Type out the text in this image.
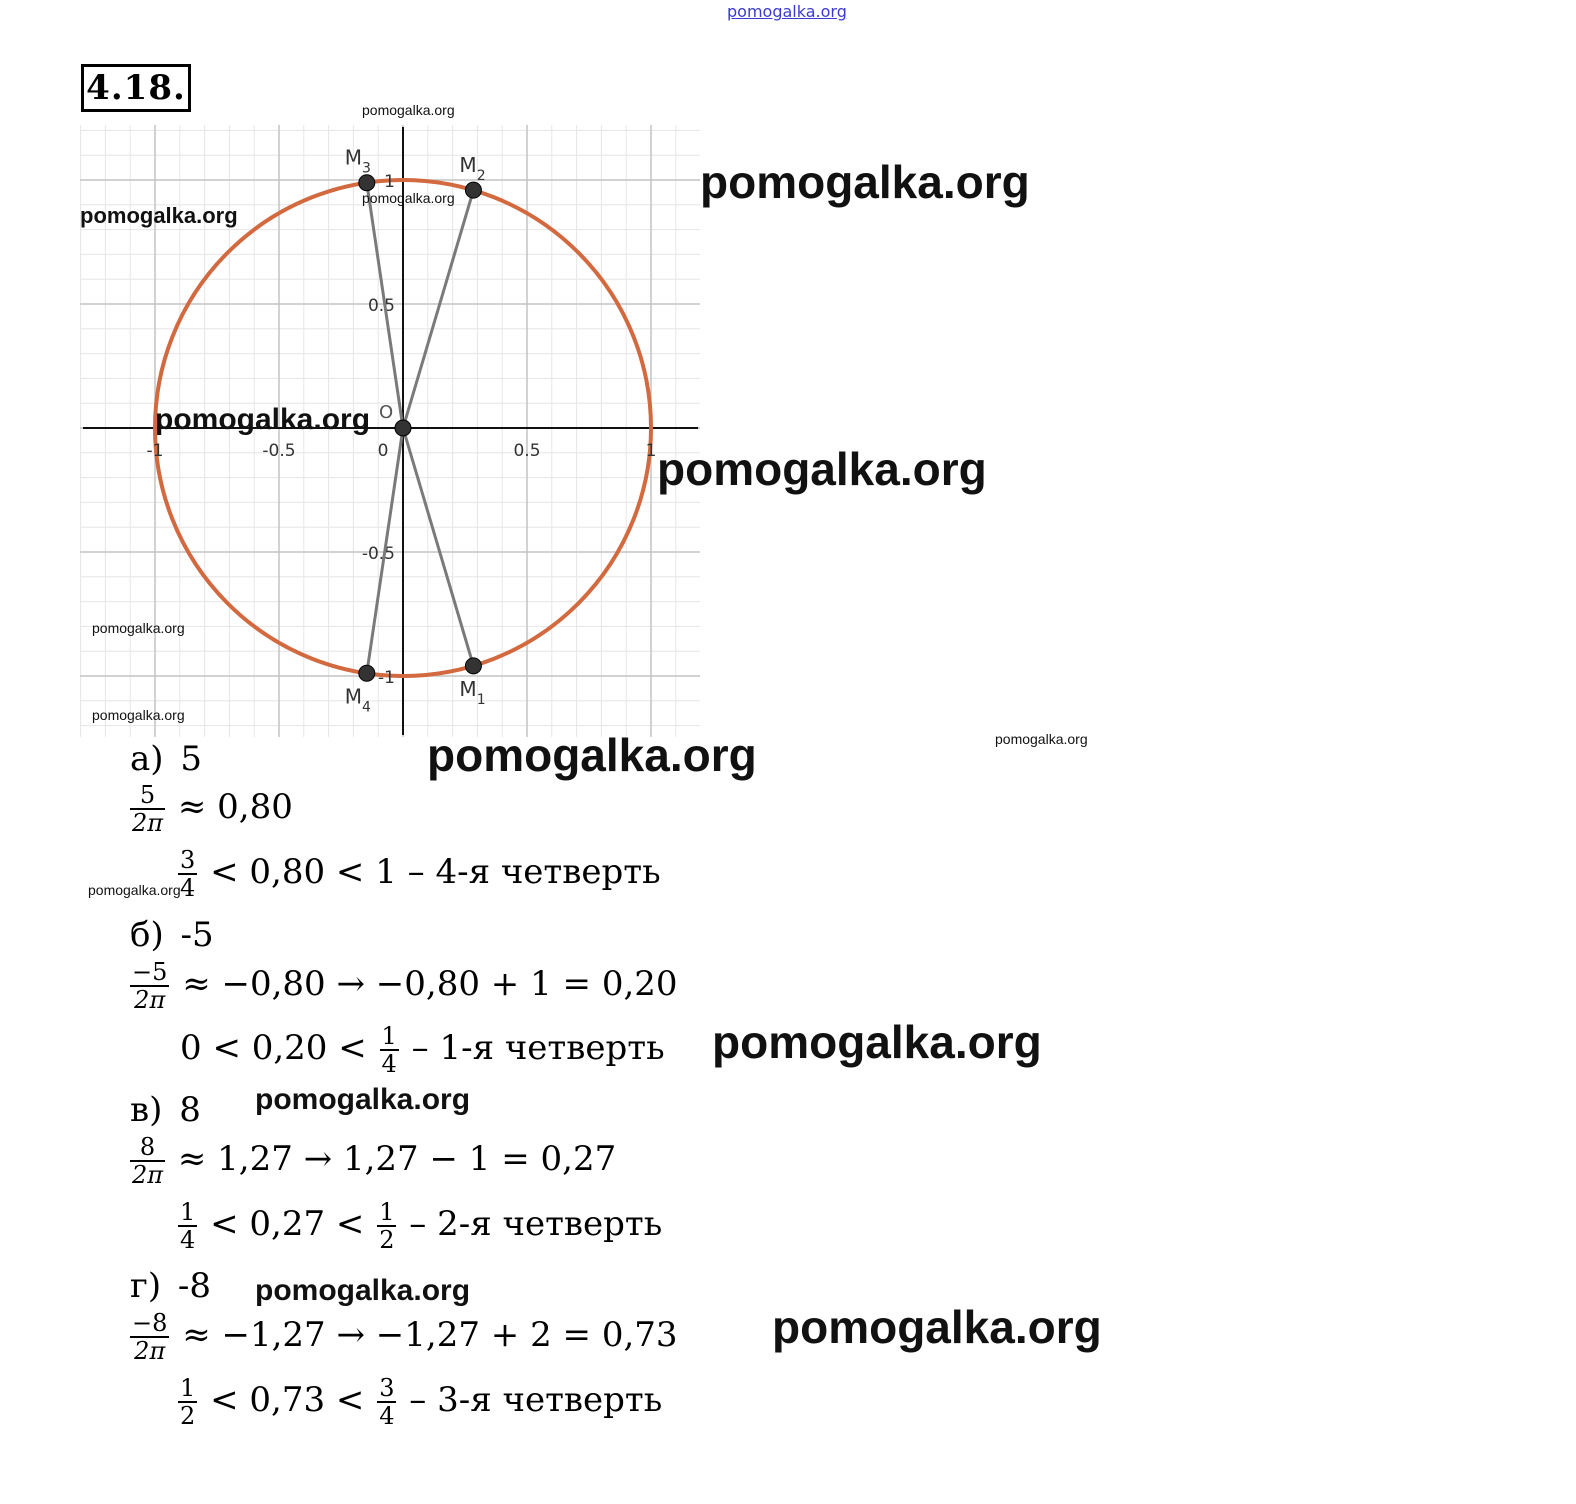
pomogalka.org
4.18.
-1	-0.5	0	0.5	1
1
0.5
-0.5
-1
O
$M_1$
$M_2$
$M_3$
$M_4$
pomogalka.org
pomogalka.org	pomogalka.org
pomogalka.org
pomogalka.org
pomogalka.org
pomogalka.org
pomogalka.org
pomogalka.org	pomogalka.org
pomogalka.org
pomogalka.org
pomogalka.org
pomogalka.org
pomogalka.org
а) 5
$\frac{5}{2\pi} \approx 0,80$
$\frac{3}{4} < 0,80 < 1 - 4-я$ четверть
б) -5
$\frac{-5}{2\pi} \approx -0,80 \to -0,80 + 1 = 0,20$
$0 < 0,20 < \frac{1}{4} - 1-я$ четверть
в) 8
$\frac{8}{2\pi} \approx 1,27 \to 1,27 - 1 = 0,27$
$\frac{1}{4} < 0,27 < \frac{1}{2} - 2-я$ четверть
г) -8
$\frac{-8}{2\pi} \approx -1,27 \to -1,27 + 2 = 0,73$
$\frac{1}{2} < 0,73 < \frac{3}{4} - 3-я$ четверть
